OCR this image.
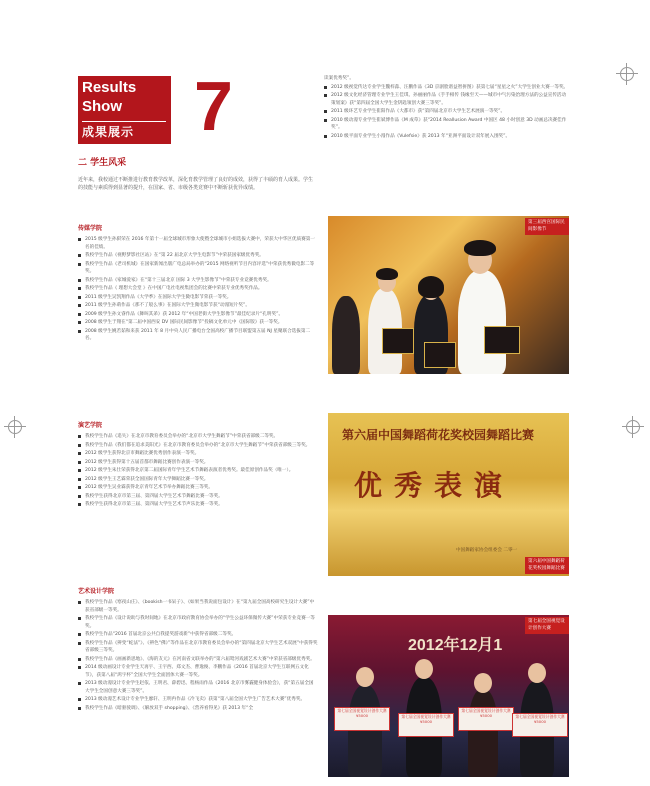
Results
Show
成果展示 7
二 学生风采
近年来，我校通过不断推进行教育教学改革，深化育教学管理了良好的成效，获得了丰硕的育人成果。学生的技能与素质得到显著的提升，在国家、省、市级各类竞赛中不断斩获优异成绩。
传媒学院
2015 级学生孙骐荣在 2016 年第十一届全球城市形象大使暨全球城市小姐选拔大赛中，荣获大中华区优质赛第一名的佳绩。
我校学生作品《视野梦影社区站》在“第 22 届北京大学生电影节”中荣获国家级优秀奖。
我校学生作品《老司机城》在国家新闻出版广电总局举办的“2015 网络视听节目内容评选”中荣获优秀微电影二等奖。
我校学生作品《家城爱家》在“第十三届北京 国际 3 大学生影像节”中荣获专业竞赛优秀奖。
我校学生作品《 理想大会堂 》在中国广电社电视集团会的比赛中荣获专业优秀奖作品。
2011 级学生吴凯翔作品《大学季》在国际大学生微电影节荣获一等奖。
2011 级学生孙萌作品《那不了般么事》在国际大学生微电影节获“动漫短片奖”。
2009 级学生孙文睿作品《舞叫其弟》获 2012 年“中国老街大学生影像节”最佳纪录片“孔明奖”。
2008 级学生于翔在“第二届中国西安 DV 国际民间影像节”投稿文化单元中《国际版》获一等奖。
2008 级学生姚若茹和来获 2011 年 8 月中央人民广播电台全国高校广播节目联盟第五届 NJ 星聚联合选拔第二名。
演艺学院
我校学生作品《追失》在北京市教育委员会举办的“北京市大学生舞蹈节”中荣获省部级二等奖。
我校学生作品《我们都在追求美阳光》在北京市教育委员会举办的“北京市大学生舞蹈节”中荣获省部级三等奖。
2012 级学生获得北京市舞蹈比赛优秀创作表演一等奖。
2012 级学生获得第十五届首都市舞蹈比赛创作表演一等奖。
2012 级学生朱仕荣获得北京第二届国际青年学生艺术节舞蹈表演者优秀奖。最佳原创作品奖（唯一）。
2012 级学生王艺霖荣获全国国际青年大学舞蹈比赛一等奖。
2012 级学生吴业霖获得北京青年艺术节举办舞蹈比赛三等奖。
我校学生获得北京市第三届、第四届大学生艺术节舞蹈比赛一等奖。
我校学生获得北京市第三届、第四届大学生艺术节声乐比赛一等奖。
艺术设计学院
我校学生作品《寒夜山庄》、《bookish一书呆子》、《如果当我说面包设计》在“第九届全国高校研究生设计大赛”中获省部级一等奖。
我校学生作品《设计说助与我时间地》在北京市政府教育协会举办的“学生公益环保微传大赛”中荣获专业竞赛一等奖。
我校学生作品“2016 首届北京公共自我提奖游戏新”中获得省部级二等奖。
我校学生作品《辨变“蛇法”》、《辨色“佛》”等作品在北京市教育委员会举办的“第四届北京大学生艺术双展”中获得奖省部级三等奖。
我校学生作品《画画新思地》、《海的友元》在河南省文联举办的“第六届鸳河戏剧艺术大赛”中荣获省部级优秀奖。
2014 级动画设计专业学生天再宇、王宇西、郑文杰、曹逸俊、李鹏作品《2016 首届北京大学生互联网五文化节》，获第八届“鸿宇杯”全国大学生全面团体大赛一等奖。
2013 级动漫设计专业学生赵依、王明君、薛碧迅、程杨雨作品《2016 北京市雾霾健身体验会》，获“第五届全国大学生全国创意大赛三等奖”。
2013 级动漫艺术设计专业学生廖轩、王明冉作品《冷飞卖》获第“第八届全国大学生广告艺术大赛”优秀奖。
我校学生作品《暗驱驶调》、《解放双手 shopping》、《营养看得见》获 2013 年“全
读案优秀奖”。
2012 级视觉传达专业学生魏梓淼、汪鹏作品《3D 京剧脸谱益智拼图》获第七届“星星之火”大学生创业大赛一等奖。
2012 级文化经济管理专业学生王佳琪、孙丽丽作品《手手相传 钱缘至天——城市中气污染治理方法的公益宣传活动策划案》获“第四届全国大学生金钥匙领创大赛三等奖”。
2011 级环艺专业学生崔阳作品《大都市》获“第四届北京市大学生艺术展演一等奖”。
2010 级动漫专业学生崔斌博作品《M 成草》获“2014 Reallusion Award 中国区 48 小时创意 3D 动画总决赛佳作奖”。
2010 级平面专业学生小漫作品《Vulefsie》获 2013 年“亚洲平面设计双年展入围奖”。
第三届西宫国际民间影像节
第六届中国舞蹈荷花奖校园舞蹈比赛
优秀表演
中国舞蹈家协会组委会 二零一
第六届中国舞蹈荷花奖校园舞蹈比赛
2012年12月1
第七届全国视觉设计创作大赛
¥5000	第七届全国视觉设计创作大赛
¥5000
第七届全国视觉设计创作大赛
¥5000	第七届全国视觉设计创作大赛
¥5000
第七届全国视觉设计创作大赛
